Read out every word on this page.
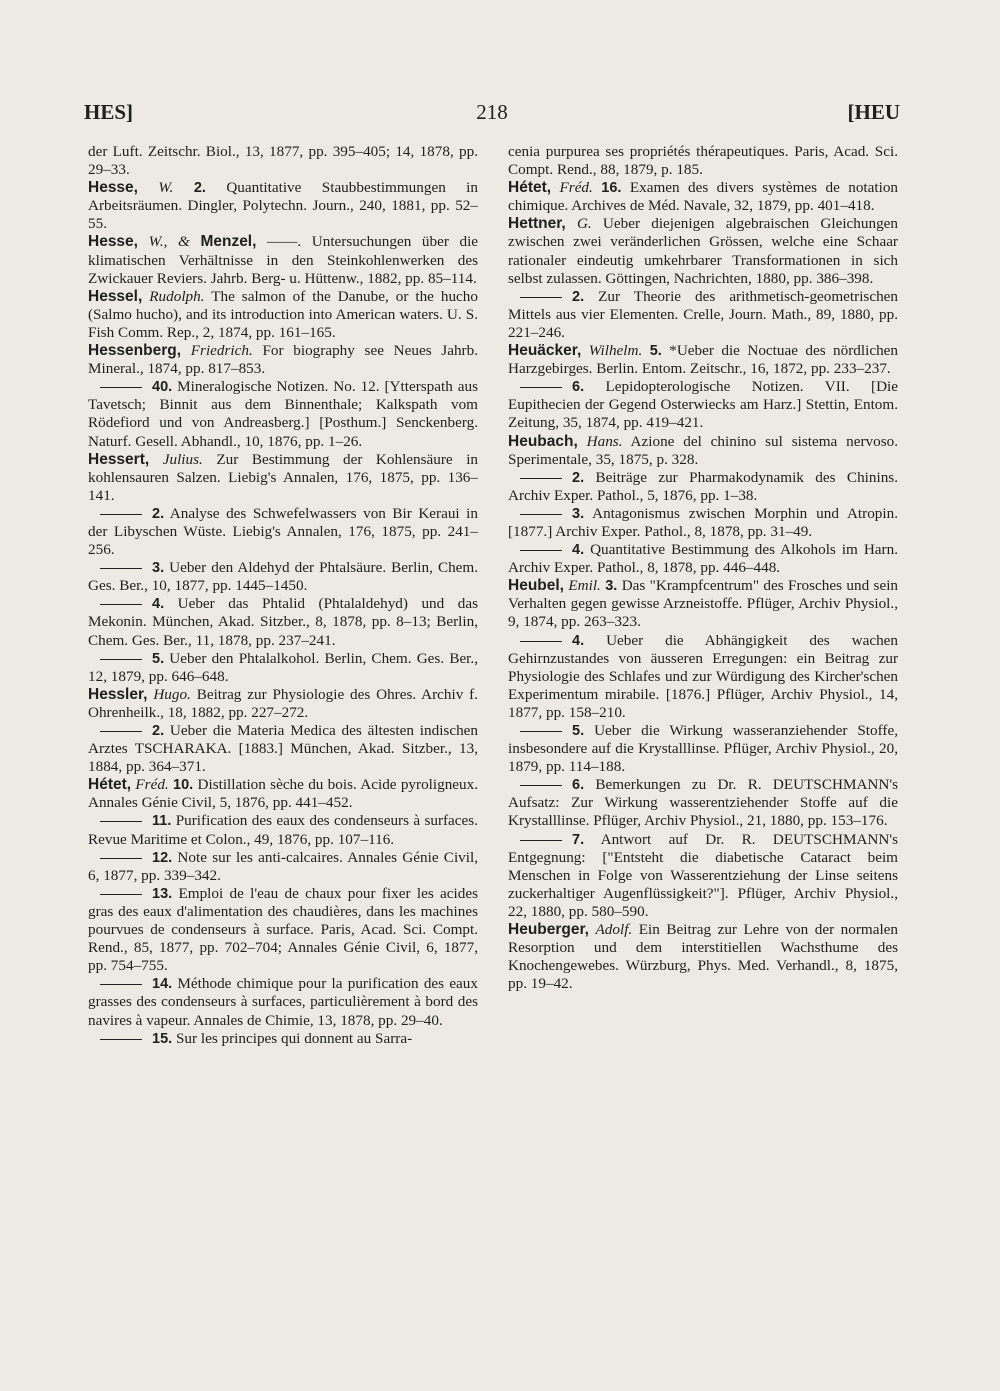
HES]	218	[HEU

der Luft. Zeitschr. Biol., 13, 1877, pp. 395–405; 14, 1878, pp. 29–33.

Hesse, W. 2. Quantitative Staubbestimmungen in Arbeitsräumen. Dingler, Polytechn. Journ., 240, 1881, pp. 52–55.

Hesse, W., & Menzel, ——. Untersuchungen über die klimatischen Verhältnisse in den Steinkohlenwerken des Zwickauer Reviers. Jahrb. Berg- u. Hüttenw., 1882, pp. 85–114.

Hessel, Rudolph. The salmon of the Danube, or the hucho (Salmo hucho), and its introduction into American waters. U. S. Fish Comm. Rep., 2, 1874, pp. 161–165.

Hessenberg, Friedrich. For biography see Neues Jahrb. Mineral., 1874, pp. 817–853.

40. Mineralogische Notizen. No. 12. [Ytterspath aus Tavetsch; Binnit aus dem Binnenthale; Kalkspath vom Rödefiord und von Andreasberg.] [Posthum.] Senckenberg. Naturf. Gesell. Abhandl., 10, 1876, pp. 1–26.

Hessert, Julius. Zur Bestimmung der Kohlensäure in kohlensauren Salzen. Liebig's Annalen, 176, 1875, pp. 136–141.

2. Analyse des Schwefelwassers von Bir Keraui in der Libyschen Wüste. Liebig's Annalen, 176, 1875, pp. 241–256.

3. Ueber den Aldehyd der Phtalsäure. Berlin, Chem. Ges. Ber., 10, 1877, pp. 1445–1450.

4. Ueber das Phtalid (Phtalaldehyd) und das Mekonin. München, Akad. Sitzber., 8, 1878, pp. 8–13; Berlin, Chem. Ges. Ber., 11, 1878, pp. 237–241.

5. Ueber den Phtalalkohol. Berlin, Chem. Ges. Ber., 12, 1879, pp. 646–648.

Hessler, Hugo. Beitrag zur Physiologie des Ohres. Archiv f. Ohrenheilk., 18, 1882, pp. 227–272.

2. Ueber die Materia Medica des ältesten indischen Arztes TSCHARAKA. [1883.] München, Akad. Sitzber., 13, 1884, pp. 364–371.

Hétet, Fréd. 10. Distillation sèche du bois. Acide pyroligneux. Annales Génie Civil, 5, 1876, pp. 441–452.

11. Purification des eaux des condenseurs à surfaces. Revue Maritime et Colon., 49, 1876, pp. 107–116.

12. Note sur les anti-calcaires. Annales Génie Civil, 6, 1877, pp. 339–342.

13. Emploi de l'eau de chaux pour fixer les acides gras des eaux d'alimentation des chaudières, dans les machines pourvues de condenseurs à surface. Paris, Acad. Sci. Compt. Rend., 85, 1877, pp. 702–704; Annales Génie Civil, 6, 1877, pp. 754–755.

14. Méthode chimique pour la purification des eaux grasses des condenseurs à surfaces, particulièrement à bord des navires à vapeur. Annales de Chimie, 13, 1878, pp. 29–40.

15. Sur les principes qui donnent au Sarra-

cenia purpurea ses propriétés thérapeutiques. Paris, Acad. Sci. Compt. Rend., 88, 1879, p. 185.

Hétet, Fréd. 16. Examen des divers systèmes de notation chimique. Archives de Méd. Navale, 32, 1879, pp. 401–418.

Hettner, G. Ueber diejenigen algebraischen Gleichungen zwischen zwei veränderlichen Grössen, welche eine Schaar rationaler eindeutig umkehrbarer Transformationen in sich selbst zulassen. Göttingen, Nachrichten, 1880, pp. 386–398.

2. Zur Theorie des arithmetisch-geometrischen Mittels aus vier Elementen. Crelle, Journ. Math., 89, 1880, pp. 221–246.

Heuäcker, Wilhelm. 5. *Ueber die Noctuae des nördlichen Harzgebirges. Berlin. Entom. Zeitschr., 16, 1872, pp. 233–237.

6. Lepidopterologische Notizen. VII. [Die Eupithecien der Gegend Osterwiecks am Harz.] Stettin, Entom. Zeitung, 35, 1874, pp. 419–421.

Heubach, Hans. Azione del chinino sul sistema nervoso. Sperimentale, 35, 1875, p. 328.

2. Beiträge zur Pharmakodynamik des Chinins. Archiv Exper. Pathol., 5, 1876, pp. 1–38.

3. Antagonismus zwischen Morphin und Atropin. [1877.] Archiv Exper. Pathol., 8, 1878, pp. 31–49.

4. Quantitative Bestimmung des Alkohols im Harn. Archiv Exper. Pathol., 8, 1878, pp. 446–448.

Heubel, Emil. 3. Das "Krampfcentrum" des Frosches und sein Verhalten gegen gewisse Arzneistoffe. Pflüger, Archiv Physiol., 9, 1874, pp. 263–323.

4. Ueber die Abhängigkeit des wachen Gehirnzustandes von äusseren Erregungen: ein Beitrag zur Physiologie des Schlafes und zur Würdigung des Kircher'schen Experimentum mirabile. [1876.] Pflüger, Archiv Physiol., 14, 1877, pp. 158–210.

5. Ueber die Wirkung wasseranziehender Stoffe, insbesondere auf die Krystalllinse. Pflüger, Archiv Physiol., 20, 1879, pp. 114–188.

6. Bemerkungen zu Dr. R. DEUTSCHMANN's Aufsatz: Zur Wirkung wasserentziehender Stoffe auf die Krystalllinse. Pflüger, Archiv Physiol., 21, 1880, pp. 153–176.

7. Antwort auf Dr. R. DEUTSCHMANN's Entgegnung: ["Entsteht die diabetische Cataract beim Menschen in Folge von Wasserentziehung der Linse seitens zuckerhaltiger Augenflüssigkeit?"]. Pflüger, Archiv Physiol., 22, 1880, pp. 580–590.

Heuberger, Adolf. Ein Beitrag zur Lehre von der normalen Resorption und dem interstitiellen Wachsthume des Knochengewebes. Würzburg, Phys. Med. Verhandl., 8, 1875, pp. 19–42.
